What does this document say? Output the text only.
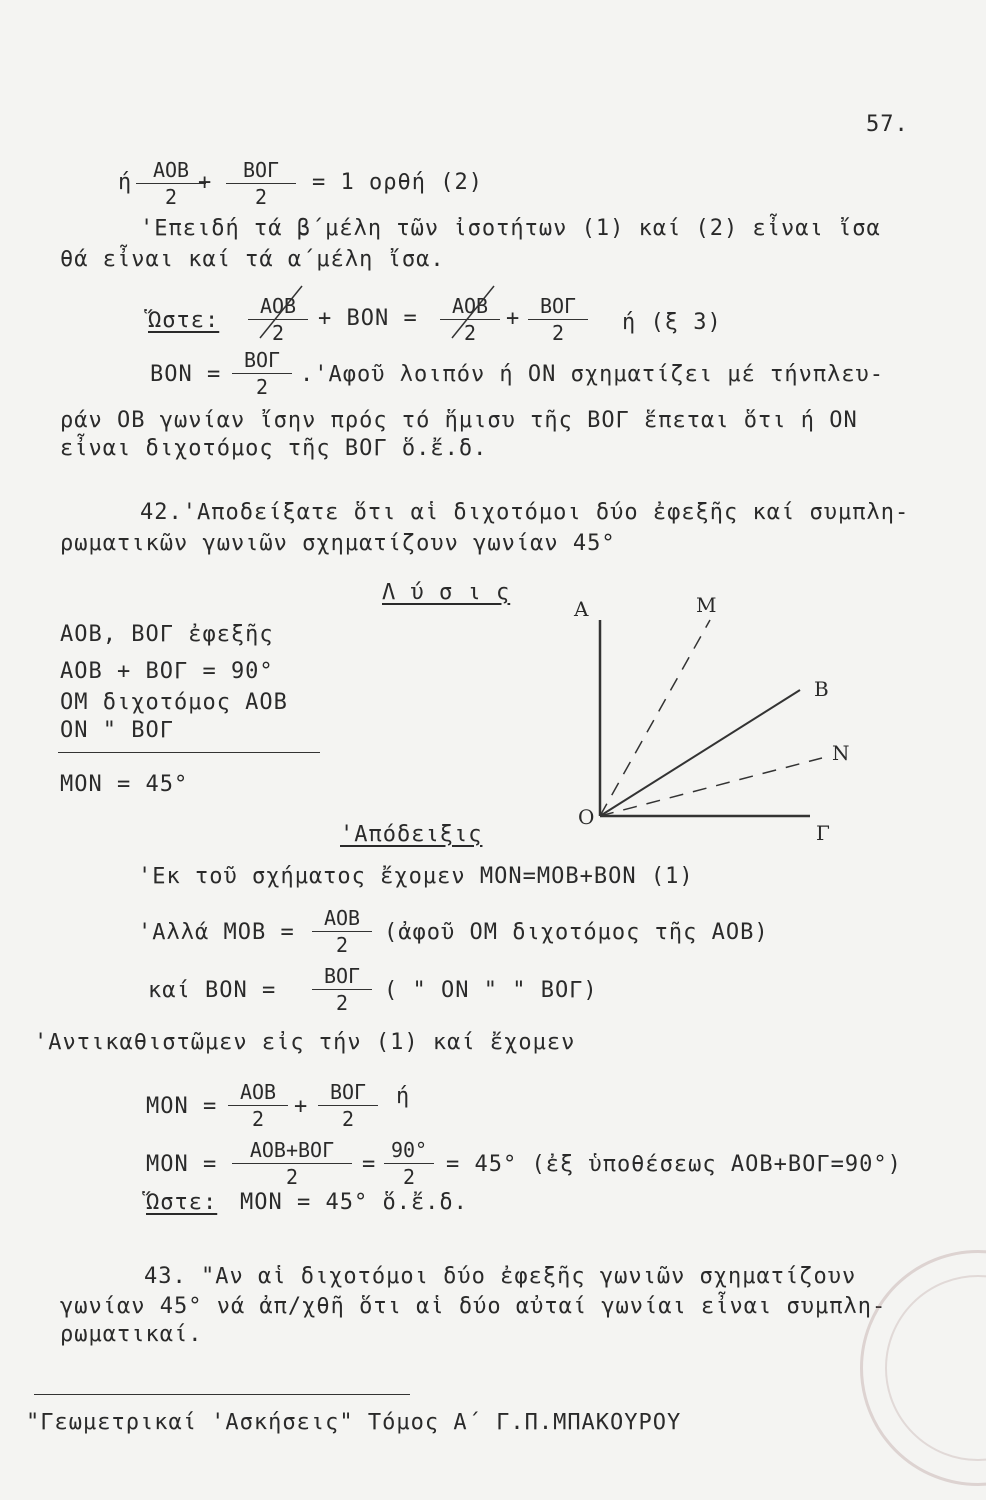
57.
ή	AOB
2
+	BOΓ
2
= 1 ορθή (2)
'Επειδή τά β΄μέλη τῶν ἰσοτήτων (1) καί (2) εἶναι ἴσα
θά εἶναι καί τά α΄μέλη ἴσα.
Ὥστε:
AOB
2
+ BON =	AOB
2
+ BOΓ
2	ή (ξ 3)
BON =
BOΓ
2	.'Αφοῦ λοιπόν ή ON σχηματίζει μέ τήνπλευ-
ράν OB γωνίαν ἴσην πρός τό ἥμισυ τῆς BOΓ ἕπεται ὅτι ή ON
εἶναι διχοτόμος τῆς BOΓ ὅ.ἔ.δ.
42.'Αποδείξατε ὅτι αἱ διχοτόμοι δύο ἐφεξῆς καί συμπλη-
ρωματικῶν γωνιῶν σχηματίζουν γωνίαν 45°
Λ ύ σ ι ς
AOB, BOΓ ἐφεξῆς
AOB + BOΓ = 90°
OM διχοτόμος AOB
ON " BOΓ
MON = 45°
A	M
B
N
O
Γ
'Απόδειξις
'Εκ τοῦ σχήματος ἔχομεν MON=MOB+BON (1)
'Αλλά MOB =
AOB
2	(ἀφοῦ OM διχοτόμος τῆς AOB)
καί BON =
BOΓ
2	( " ON " " BOΓ)
'Αντικαθιστῶμεν εἰς τήν (1) καί ἔχομεν
MON =
AOB
2	+
BOΓ
2
ή
MON =
AOB+BOΓ
2	= $\frac{90^\circ}{2} = 45^\circ$ (ἐξ ὑποθέσεως AOB+BOΓ=90°)
Ὥστε: MON = 45° ὅ.ἔ.δ.
43. "Αν αἱ διχοτόμοι δύο ἐφεξῆς γωνιῶν σχηματίζουν
γωνίαν 45° νά ἀπ/χθῆ ὅτι αἱ δύο αὐταί γωνίαι εἶναι συμπλη-
ρωματικαί.
"Γεωμετρικαί 'Ασκήσεις" Τόμος Α΄ Γ.Π.ΜΠΑΚΟΥΡΟΥ
